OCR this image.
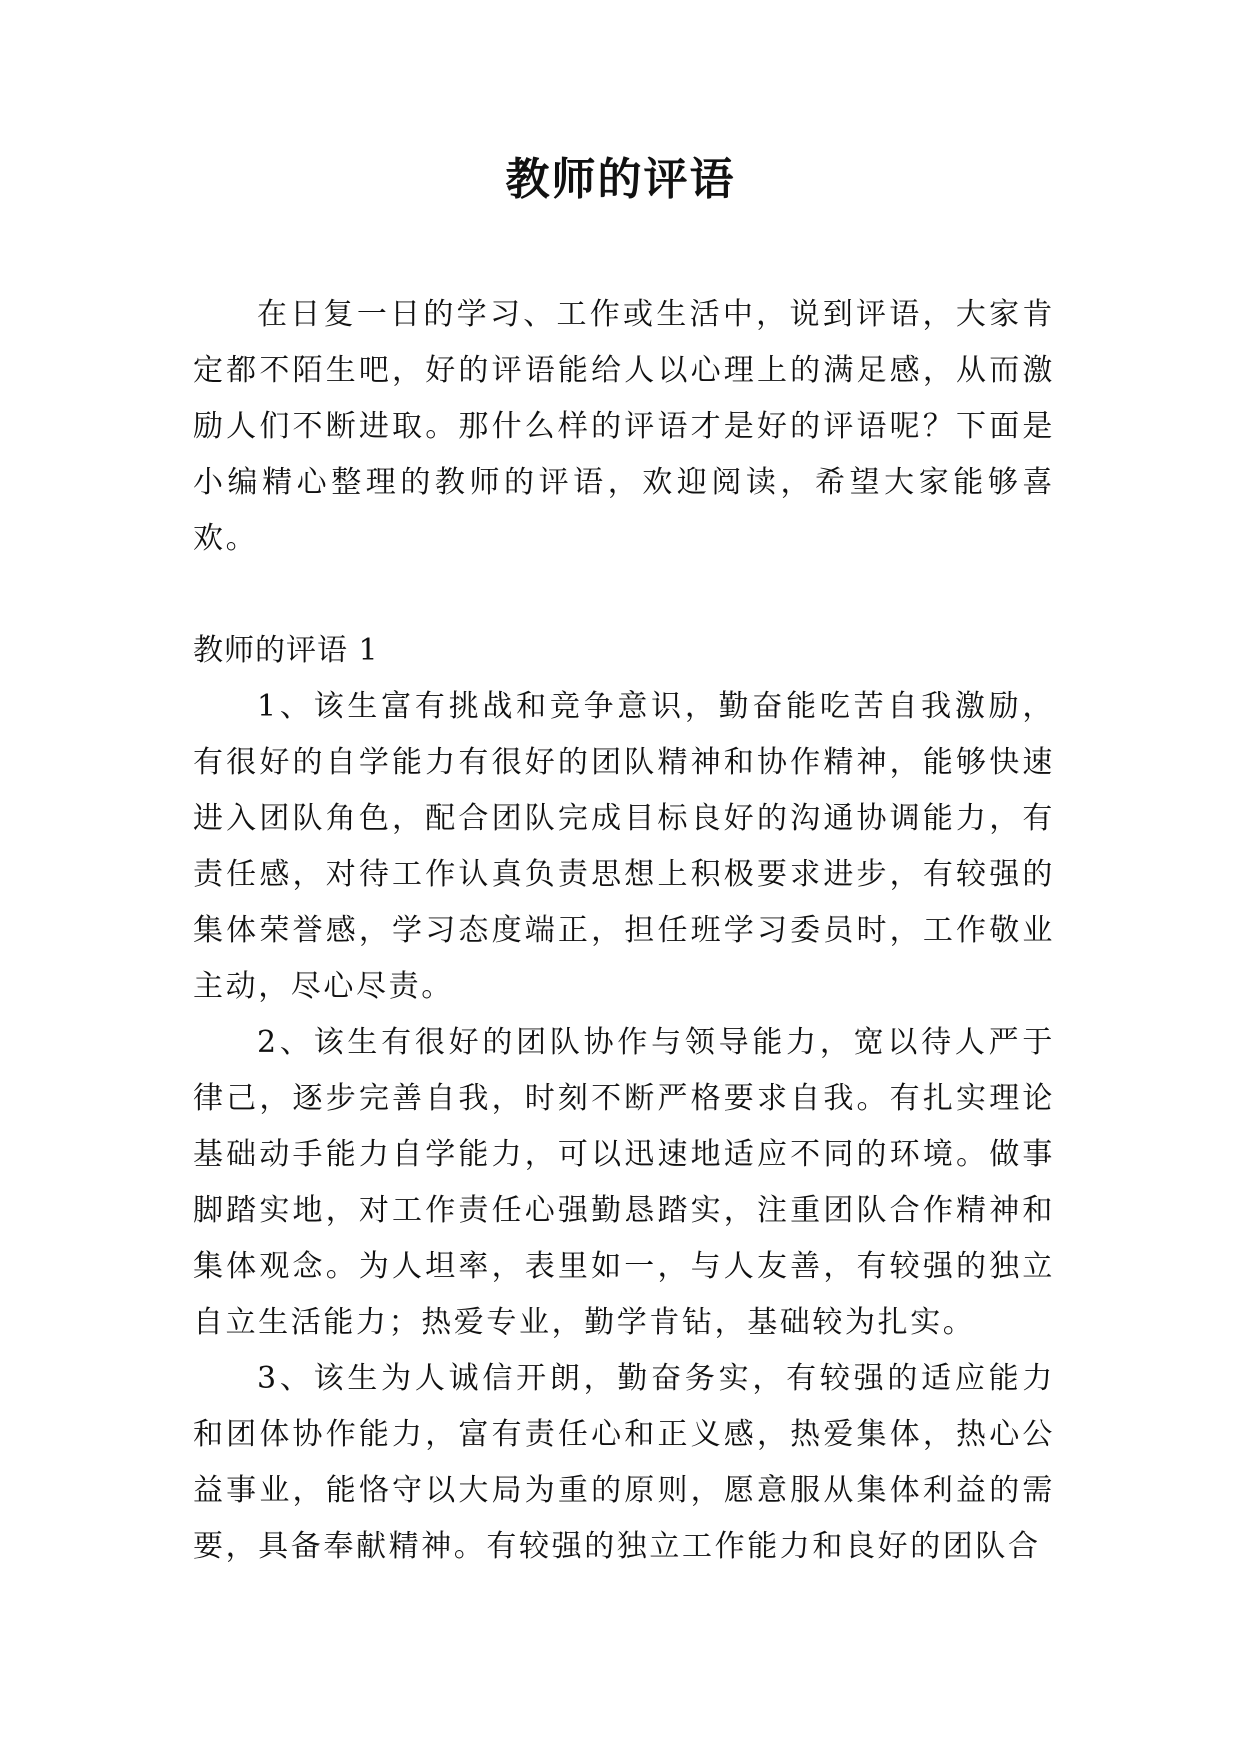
教师的评语

在日复一日的学习、工作或生活中，说到评语，大家肯定都不陌生吧，好的评语能给人以心理上的满足感，从而激励人们不断进取。那什么样的评语才是好的评语呢？下面是小编精心整理的教师的评语，欢迎阅读，希望大家能够喜欢。

教师的评语 1

1、该生富有挑战和竞争意识，勤奋能吃苦自我激励，有很好的自学能力有很好的团队精神和协作精神，能够快速进入团队角色，配合团队完成目标良好的沟通协调能力，有责任感，对待工作认真负责思想上积极要求进步，有较强的集体荣誉感，学习态度端正，担任班学习委员时，工作敬业主动，尽心尽责。

2、该生有很好的团队协作与领导能力，宽以待人严于律己，逐步完善自我，时刻不断严格要求自我。有扎实理论基础动手能力自学能力，可以迅速地适应不同的环境。做事脚踏实地，对工作责任心强勤恳踏实，注重团队合作精神和集体观念。为人坦率，表里如一，与人友善，有较强的独立自立生活能力；热爱专业，勤学肯钻，基础较为扎实。

3、该生为人诚信开朗，勤奋务实，有较强的适应能力和团体协作能力，富有责任心和正义感，热爱集体，热心公益事业，能恪守以大局为重的原则，愿意服从集体利益的需要，具备奉献精神。有较强的独立工作能力和良好的团队合
